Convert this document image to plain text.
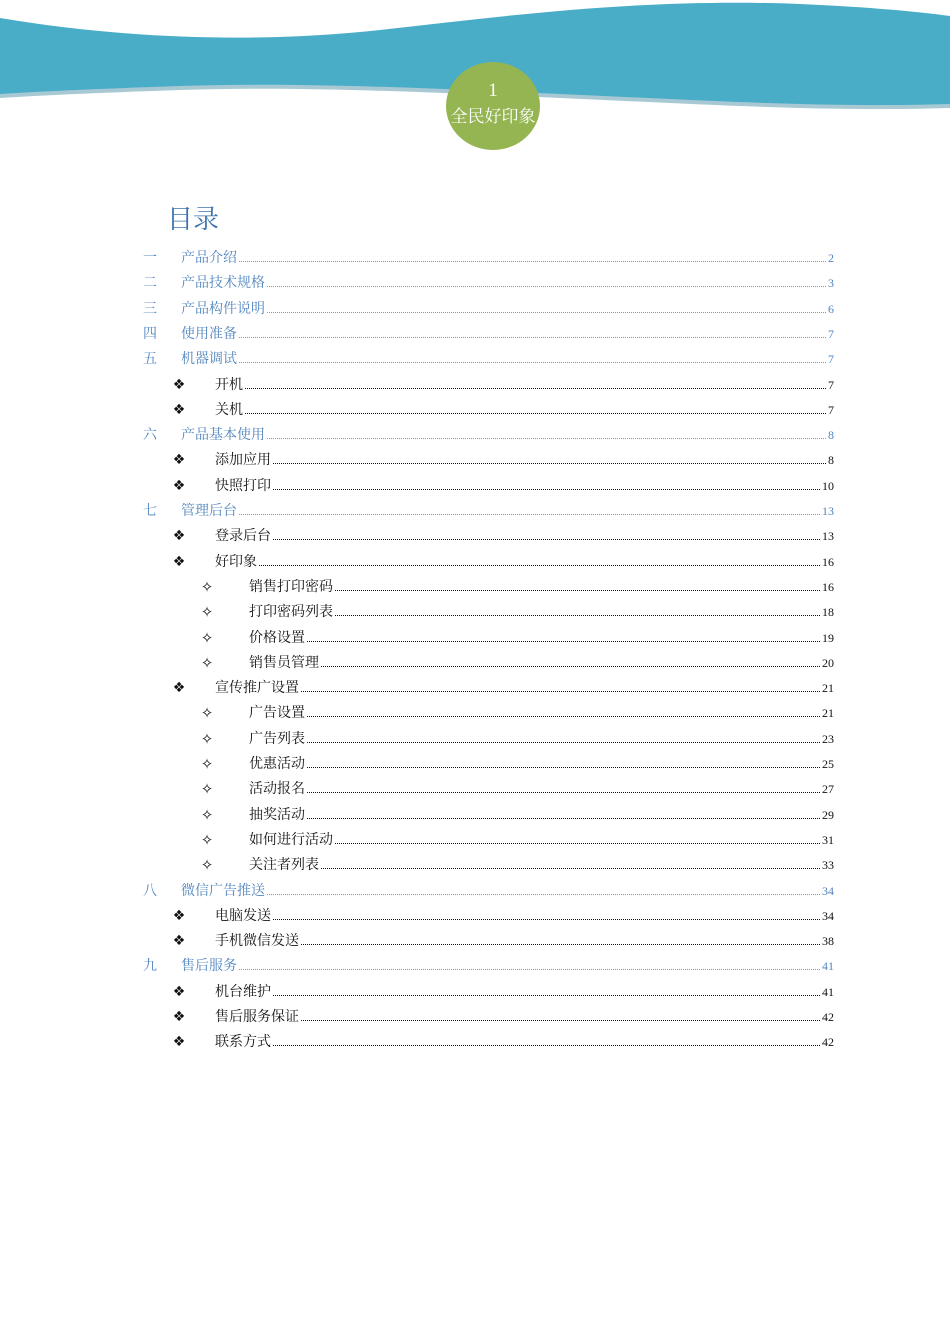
1
全民好印象
目录
一	产品介绍	2
二	产品技术规格	3
三	产品构件说明	6
四	使用准备	7
五	机器调试	7
❖ 开机	7
❖ 关机	7
六	产品基本使用	8
❖ 添加应用	8
❖ 快照打印	10
七	管理后台	13
❖ 登录后台	13
❖ 好印象	16
✧	销售打印密码	16
✧	打印密码列表	18
✧	价格设置	19
✧	销售员管理	20
❖ 宣传推广设置	21
✧	广告设置	21
✧	广告列表	23
✧	优惠活动	25
✧	活动报名	27
✧	抽奖活动	29
✧	如何进行活动	31
✧	关注者列表	33
八	微信广告推送	34
❖ 电脑发送	34
❖ 手机微信发送	38
九	售后服务	41
❖ 机台维护	41
❖ 售后服务保证	42
❖ 联系方式	42
